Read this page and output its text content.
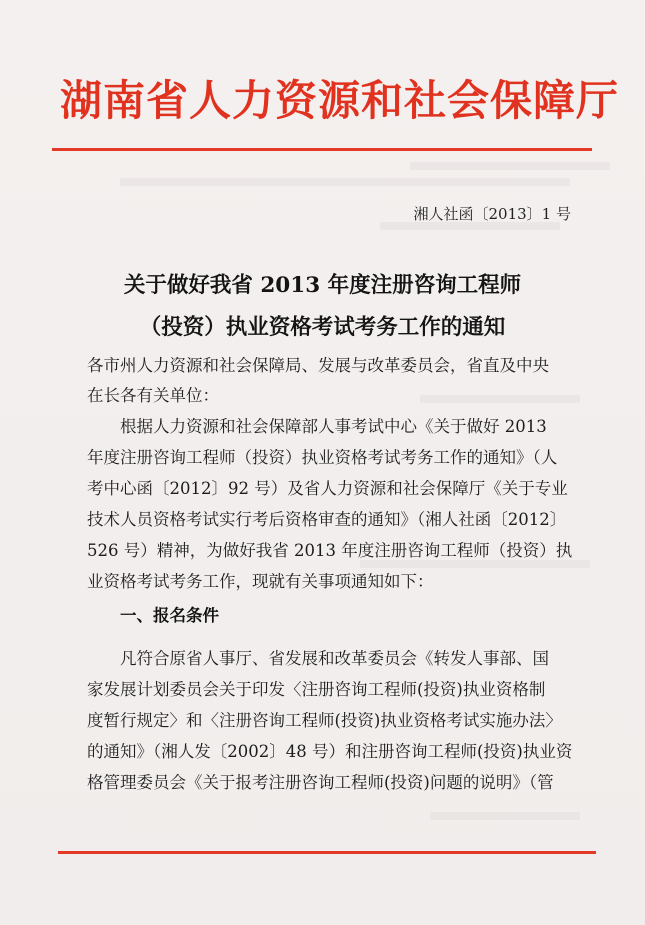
湖南省人力资源和社会保障厅
湘人社函〔2013〕1 号
关于做好我省 2013 年度注册咨询工程师
（投资）执业资格考试考务工作的通知
各市州人力资源和社会保障局、发展与改革委员会，省直及中央
在长各有关单位：
根据人力资源和社会保障部人事考试中心《关于做好 2013
年度注册咨询工程师（投资）执业资格考试考务工作的通知》（人
考中心函〔2012〕92 号）及省人力资源和社会保障厅《关于专业
技术人员资格考试实行考后资格审查的通知》（湘人社函〔2012〕
526 号）精神，为做好我省 2013 年度注册咨询工程师（投资）执
业资格考试考务工作，现就有关事项通知如下：
一、报名条件
凡符合原省人事厅、省发展和改革委员会《转发人事部、国
家发展计划委员会关于印发〈注册咨询工程师(投资)执业资格制
度暂行规定〉和〈注册咨询工程师(投资)执业资格考试实施办法〉
的通知》（湘人发〔2002〕48 号）和注册咨询工程师(投资)执业资
格管理委员会《关于报考注册咨询工程师(投资)问题的说明》（管
